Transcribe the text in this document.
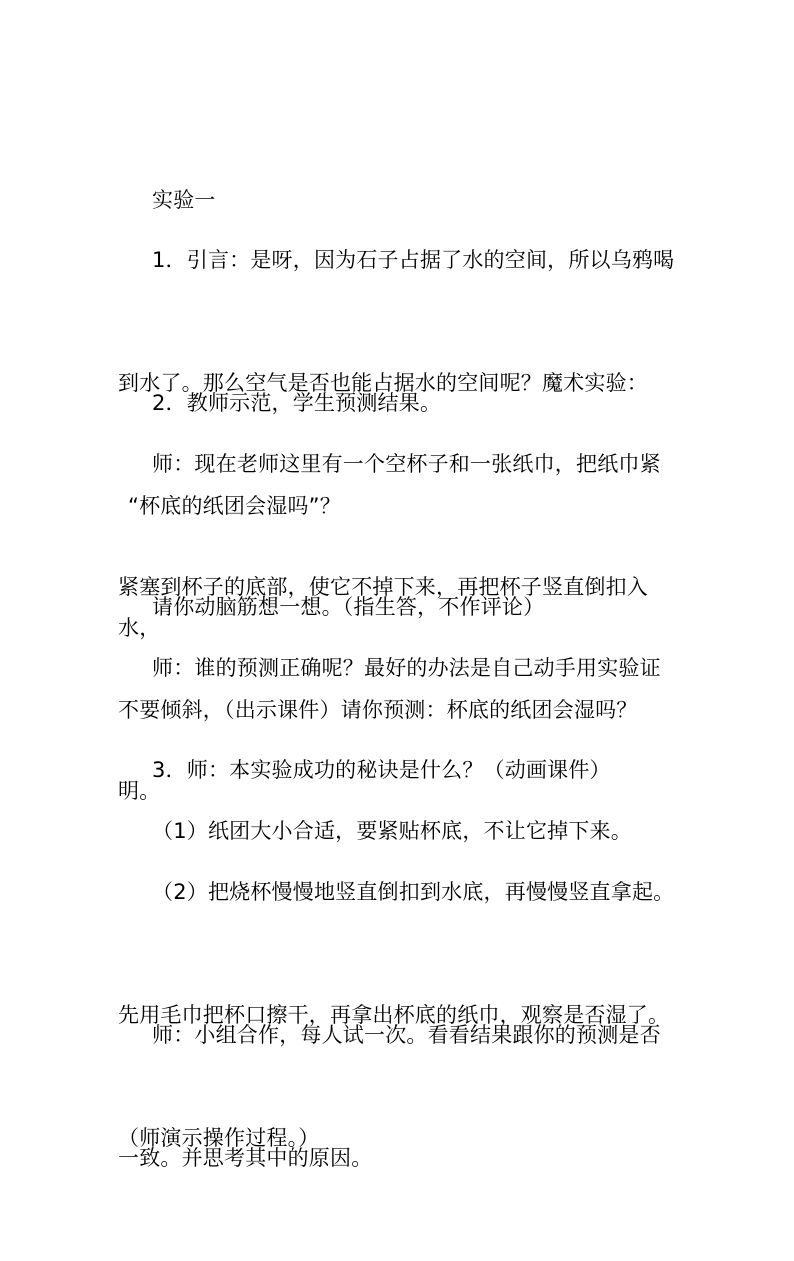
实验一

1．引言：是呀，因为石子占据了水的空间，所以乌鸦喝

到水了。那么空气是否也能占据水的空间呢？魔术实验：

“杯底的纸团会湿吗”？

2．教师示范，学生预测结果。

师：现在老师这里有一个空杯子和一张纸巾，把纸巾紧

紧塞到杯子的底部，使它不掉下来，再把杯子竖直倒扣入水，

不要倾斜，（出示课件）请你预测：杯底的纸团会湿吗？

请你动脑筋想一想。（指生答，不作评论）

师：谁的预测正确呢？最好的办法是自己动手用实验证

明。

3．师：本实验成功的秘诀是什么？（动画课件）

（1）纸团大小合适，要紧贴杯底，不让它掉下来。

（2）把烧杯慢慢地竖直倒扣到水底，再慢慢竖直拿起。

先用毛巾把杯口擦干，再拿出杯底的纸巾，观察是否湿了。

（师演示操作过程。）

师：小组合作，每人试一次。看看结果跟你的预测是否

一致。并思考其中的原因。
